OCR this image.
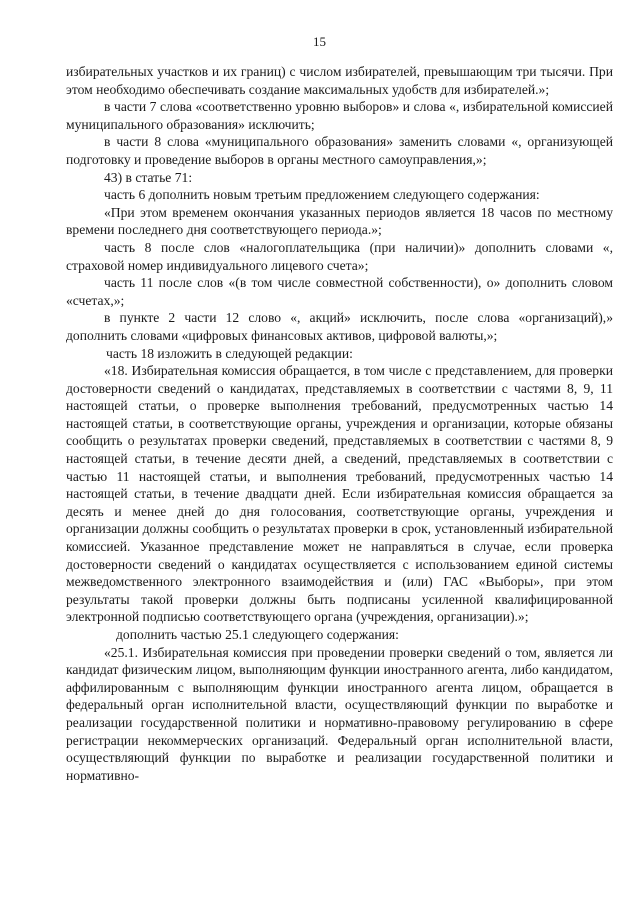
15

избирательных участков и их границ) с числом избирателей, превышающим три тысячи. При этом необходимо обеспечивать создание максимальных удобств для избирателей.»;

в части 7 слова «соответственно уровню выборов» и слова «, избирательной комиссией муниципального образования» исключить;

в части 8 слова «муниципального образования» заменить словами «, организующей подготовку и проведение выборов в органы местного самоуправления,»;

43) в статье 71:

часть 6 дополнить новым третьим предложением следующего содержания:

«При этом временем окончания указанных периодов является 18 часов по местному времени последнего дня соответствующего периода.»;

часть 8 после слов «налогоплательщика (при наличии)» дополнить словами «, страховой номер индивидуального лицевого счета»;

часть 11 после слов «(в том числе совместной собственности), о» дополнить словом «счетах,»;

в пункте 2 части 12 слово «, акций» исключить, после слова «организаций),» дополнить словами «цифровых финансовых активов, цифровой валюты,»;

часть 18 изложить в следующей редакции:

«18. Избирательная комиссия обращается, в том числе с представлением, для проверки достоверности сведений о кандидатах, представляемых в соответствии с частями 8, 9, 11 настоящей статьи, о проверке выполнения требований, предусмотренных частью 14 настоящей статьи, в соответствующие органы, учреждения и организации, которые обязаны сообщить о результатах проверки сведений, представляемых в соответствии с частями 8, 9 настоящей статьи, в течение десяти дней, а сведений, представляемых в соответствии с частью 11 настоящей статьи, и выполнения требований, предусмотренных частью 14 настоящей статьи, в течение двадцати дней. Если избирательная комиссия обращается за десять и менее дней до дня голосования, соответствующие органы, учреждения и организации должны сообщить о результатах проверки в срок, установленный избирательной комиссией. Указанное представление может не направляться в случае, если проверка достоверности сведений о кандидатах осуществляется с использованием единой системы межведомственного электронного взаимодействия и (или) ГАС «Выборы», при этом результаты такой проверки должны быть подписаны усиленной квалифицированной электронной подписью соответствующего органа (учреждения, организации).»;

дополнить частью 25.1 следующего содержания:

«25.1. Избирательная комиссия при проведении проверки сведений о том, является ли кандидат физическим лицом, выполняющим функции иностранного агента, либо кандидатом, аффилированным с выполняющим функции иностранного агента лицом, обращается в федеральный орган исполнительной власти, осуществляющий функции по выработке и реализации государственной политики и нормативно-правовому регулированию в сфере регистрации некоммерческих организаций. Федеральный орган исполнительной власти, осуществляющий функции по выработке и реализации государственной политики и нормативно-
